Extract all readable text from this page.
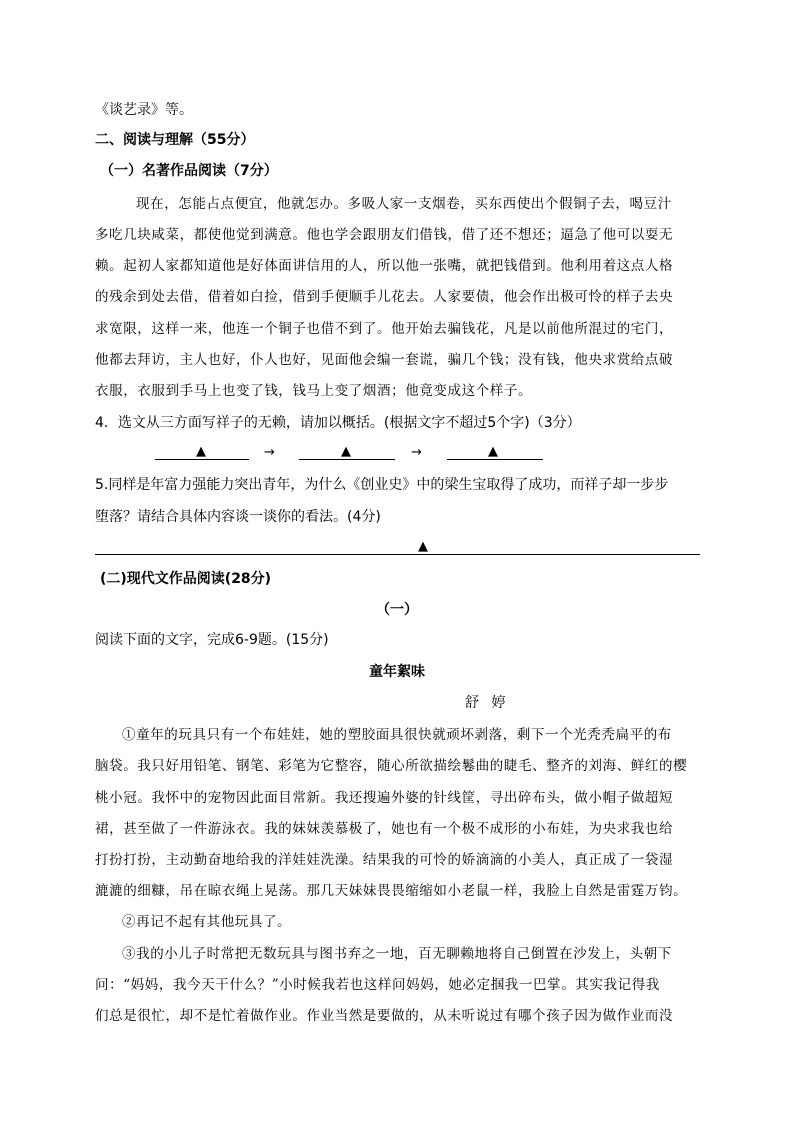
《谈艺录》等。
二、阅读与理解（55分）
（一）名著作品阅读（7分）
现在，怎能占点便宜，他就怎办。多吸人家一支烟卷，买东西使出个假铜子去，喝豆汁
多吃几块咸菜，都使他觉到满意。他也学会跟朋友们借钱，借了还不想还；逼急了他可以耍无
赖。起初人家都知道他是好体面讲信用的人，所以他一张嘴，就把钱借到。他利用着这点人格
的残余到处去借，借着如白捡，借到手便顺手儿花去。人家要债，他会作出极可怜的样子去央
求宽限，这样一来，他连一个铜子也借不到了。他开始去骗钱花，凡是以前他所混过的宅门，
他都去拜访，主人也好，仆人也好，见面他会编一套谎，骗几个钱；没有钱，他央求赏给点破
衣服，衣服到手马上也变了钱，钱马上变了烟酒；他竟变成这个样子。
4．选文从三方面写祥子的无赖，请加以概括。(根据文字不超过5个字)（3分）
▲	→	▲	→	▲
5.同样是年富力强能力突出青年，为什么《创业史》中的梁生宝取得了成功，而祥子却一步步
堕落？请结合具体内容谈一谈你的看法。(4分)
▲
(二)现代文作品阅读(28分)
（一）
阅读下面的文字，完成6-9题。(15分)
童年絮味
舒 婷
①童年的玩具只有一个布娃娃，她的塑胶面具很快就顽坏剥落，剩下一个光秃秃扁平的布
脑袋。我只好用铅笔、钢笔、彩笔为它整容，随心所欲描绘鬈曲的睫毛、整齐的刘海、鲜红的樱
桃小冠。我怀中的宠物因此面目常新。我还搜遍外婆的针线筐，寻出碎布头，做小帽子做超短
裙，甚至做了一件游泳衣。我的妹妹羡慕极了，她也有一个极不成形的小布娃，为央求我也给
打扮打扮，主动勤奋地给我的洋娃娃洗澡。结果我的可怜的娇滴滴的小美人，真正成了一袋湿
漉漉的细糠，吊在晾衣绳上晃荡。那几天妹妹畏畏缩缩如小老鼠一样，我脸上自然是雷霆万钧。
②再记不起有其他玩具了。
③我的小儿子时常把无数玩具与图书弃之一地，百无聊赖地将自己倒置在沙发上，头朝下
问：“妈妈，我今天干什么？”小时候我若也这样问妈妈，她必定掴我一巴掌。其实我记得我
们总是很忙，却不是忙着做作业。作业当然是要做的，从未听说过有哪个孩子因为做作业而没
